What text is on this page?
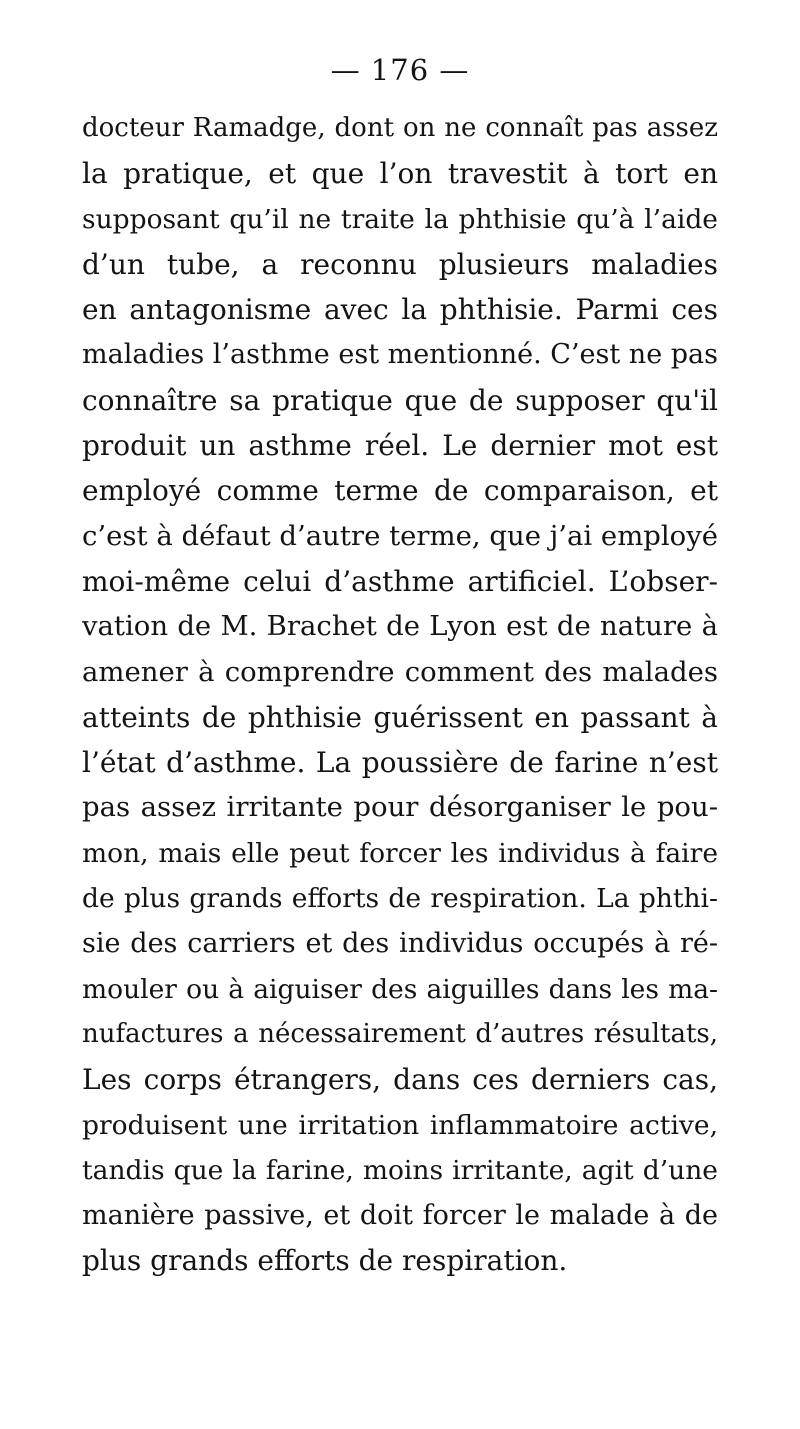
— 176 —
docteur Ramadge, dont on ne connaît pas assez
la pratique, et que l’on travestit à tort en
supposant qu’il ne traite la phthisie qu’à l’aide
d’un tube, a reconnu plusieurs maladies
en antagonisme avec la phthisie. Parmi ces
maladies l’asthme est mentionné. C’est ne pas
connaître sa pratique que de supposer qu'il
produit un asthme réel. Le dernier mot est
employé comme terme de comparaison, et
c’est à défaut d’autre terme, que j’ai employé
moi-même celui d’asthme artificiel. L’obser-
vation de M. Brachet de Lyon est de nature à
amener à comprendre comment des malades
atteints de phthisie guérissent en passant à
l’état d’asthme. La poussière de farine n’est
pas assez irritante pour désorganiser le pou-
mon, mais elle peut forcer les individus à faire
de plus grands efforts de respiration. La phthi-
sie des carriers et des individus occupés à ré-
mouler ou à aiguiser des aiguilles dans les ma-
nufactures a nécessairement d’autres résultats,
Les corps étrangers, dans ces derniers cas,
produisent une irritation inflammatoire active,
tandis que la farine, moins irritante, agit d’une
manière passive, et doit forcer le malade à de
plus grands efforts de respiration.
